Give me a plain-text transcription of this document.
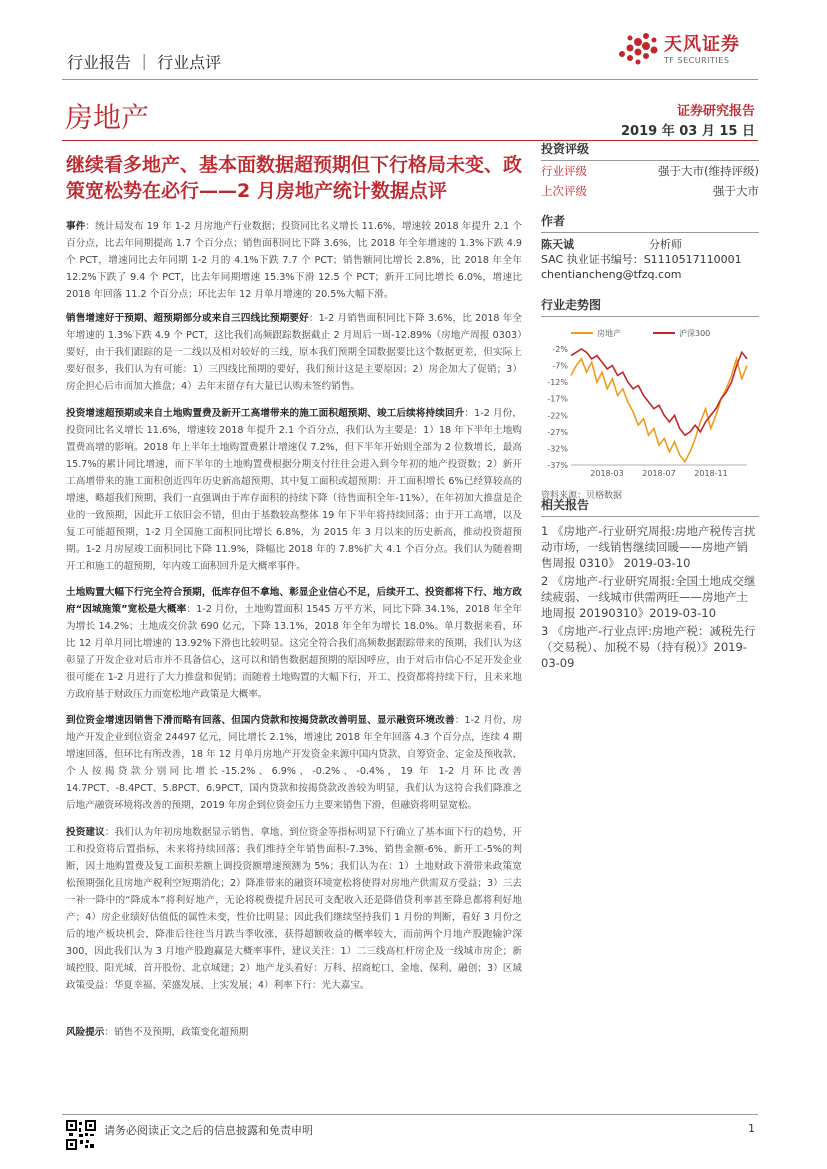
行业报告 ｜ 行业点评
天风证券
TF SECURITIES
房地产	证券研究报告
2019 年 03 月 15 日
继续看多地产、基本面数据超预期但下行格局未变、政策宽松势在必行——2 月房地产统计数据点评
事件：统计局发布 19 年 1-2 月房地产行业数据；投资同比名义增长 11.6%，增速较 2018 年提升 2.1 个百分点，比去年同期提高 1.7 个百分点；销售面积同比下降 3.6%，比 2018 年全年增速的 1.3%下跌 4.9 个 PCT，增速同比去年同期 1-2 月的 4.1%下跌 7.7 个 PCT；销售额同比增长 2.8%，比 2018 年全年 12.2%下跌了 9.4 个 PCT，比去年同期增速 15.3%下滑 12.5 个 PCT；新开工同比增长 6.0%，增速比 2018 年回落 11.2 个百分点；环比去年 12 月单月增速的 20.5%大幅下滑。
销售增速好于预期、超预期部分或来自三四线比预期要好：1-2 月销售面积同比下降 3.6%，比 2018 年全年增速的 1.3%下跌 4.9 个 PCT，这比我们高频跟踪数据截止 2 月周后一周-12.89%（房地产周报 0303）要好，由于我们跟踪的是一二线以及相对较好的三线，原本我们预期全国数据要比这个数据更差，但实际上要好很多，我们认为有可能：1）三四线比预期的要好，我们预计这是主要原因；2）房企加大了促销；3）房企担心后市而加大推盘；4）去年末留存有大量已认购未签约销售。
投资增速超预期或来自土地购置费及新开工高增带来的施工面积超预期、竣工后续将持续回升：1-2 月份，投资同比名义增长 11.6%，增速较 2018 年提升 2.1 个百分点，我们认为主要是：1）18 年下半年土地购置费高增的影响。2018 年上半年土地购置费累计增速仅 7.2%，但下半年开始则全部为 2 位数增长，最高 15.7%的累计同比增速，而下半年的土地购置费根据分期支付往往会进入到今年初的地产投资数；2）新开工高增带来的施工面积创近四年历史新高超预期、其中复工面积或超预期：开工面积增长 6%已经算较高的增速，略超我们预期，我们一直强调由于库存面积的持续下降（待售面积全年-11%），在年初加大推盘是企业的一致预期，因此开工依旧会不错，但由于基数较高整体 19 年下半年将持续回落；由于开工高增，以及复工可能超预期，1-2 月全国施工面积同比增长 6.8%，为 2015 年 3 月以来的历史新高，推动投资超预期。1-2 月房屋竣工面积同比下降 11.9%，降幅比 2018 年的 7.8%扩大 4.1 个百分点。我们认为随着期开工和施工的超预期，年内竣工面积回升是大概率事件。
土地购置大幅下行完全符合预期，低库存但不拿地、彰显企业信心不足，后续开工、投资都将下行、地方政府“因城施策”宽松是大概率：1-2 月份，土地购置面积 1545 万平方米，同比下降 34.1%，2018 年全年为增长 14.2%；土地成交价款 690 亿元，下降 13.1%，2018 年全年为增长 18.0%。单月数据来看，环比 12 月单月同比增速的 13.92%下滑也比较明显。这完全符合我们高频数据跟踪带来的预期，我们认为这彰显了开发企业对后市并不具备信心，这可以和销售数据超预期的原因呼应，由于对后市信心不足开发企业很可能在 1-2 月进行了大力推盘和促销；而随着土地购置的大幅下行，开工、投资都将持续下行，且未来地方政府基于财政压力而宽松地产政策是大概率。
到位资金增速因销售下滑而略有回落、但国内贷款和按揭贷款改善明显、显示融资环境改善：1-2 月份，房地产开发企业到位资金 24497 亿元，同比增长 2.1%，增速比 2018 年全年回落 4.3 个百分点，连续 4 期增速回落，但环比有所改善，18 年 12 月单月房地产开发资金来源中国内贷款、自筹资金、定金及预收款、个人按揭贷款分别同比增长-15.2%、6.9%、-0.2%、-0.4%，19 年 1-2 月环比改善 14.7PCT、-8.4PCT、5.8PCT、6.9PCT，国内贷款和按揭贷款改善较为明显，我们认为这符合我们降准之后地产融资环境将改善的预期，2019 年房企到位资金压力主要来销售下滑，但融资将明显宽松。
投资建议：我们认为年初房地数据显示销售、拿地、到位资金等指标明显下行确立了基本面下行的趋势，开工和投资将后置指标，未来将持续回落；我们维持全年销售面积-7.3%、销售金额-6%、新开工-5%的判断，因土地购置费及复工面积差额上调投资额增速预测为 5%；我们认为在：1）土地财政下滑带来政策宽松预期强化且房地产税利空短期消化；2）降准带来的融资环境宽松将使得对房地产供需双方受益；3）三去一补一降中的“降成本”将利好地产，无论将税费提升居民可支配收入还是降借贷利率甚至降息都将利好地产；4）房企业绩好估值低的属性未变，性价比明显；因此我们继续坚持我们 1 月份的判断，看好 3 月份之后的地产板块机会，降准后往往当月跌当季收涨，获得超额收益的概率较大，而前两个月地产股跑输沪深 300，因此我们认为 3 月地产股跑赢是大概率事件，建议关注：1）二三线高杠杆房企及一线城市房企；新城控股、阳光城、首开股份、北京城建；2）地产龙头看好：万科、招商蛇口、金地、保利、融创；3）区域政策受益：华夏幸福、荣盛发展、上实发展；4）利率下行：光大嘉宝。
风险提示：销售不及预期，政策变化超预期
投资评级
行业评级	强于大市(维持评级)
上次评级	强于大市
作者
陈天诚	分析师
SAC 执业证书编号：S1110517110001
chentiancheng@tfzq.com
行业走势图
房地产	沪深300
-2%
-7%
-12%
-17%
-22%
-27%
-32%
-37%
2018-03 2018-07 2018-11
资料来源：贝格数据
相关报告

1 《房地产-行业研究周报:房地产税传言扰动市场，一线销售继续回暖——房地产销售周报 0310》 2019-03-10

2 《房地产-行业研究周报:全国土地成交继续疲弱、一线城市供需两旺——房地产土地周报 20190310》2019-03-10

3 《房地产-行业点评:房地产税：减税先行（交易税）、加税不易（持有税）》2019-03-09

请务必阅读正文之后的信息披露和免责申明	1
